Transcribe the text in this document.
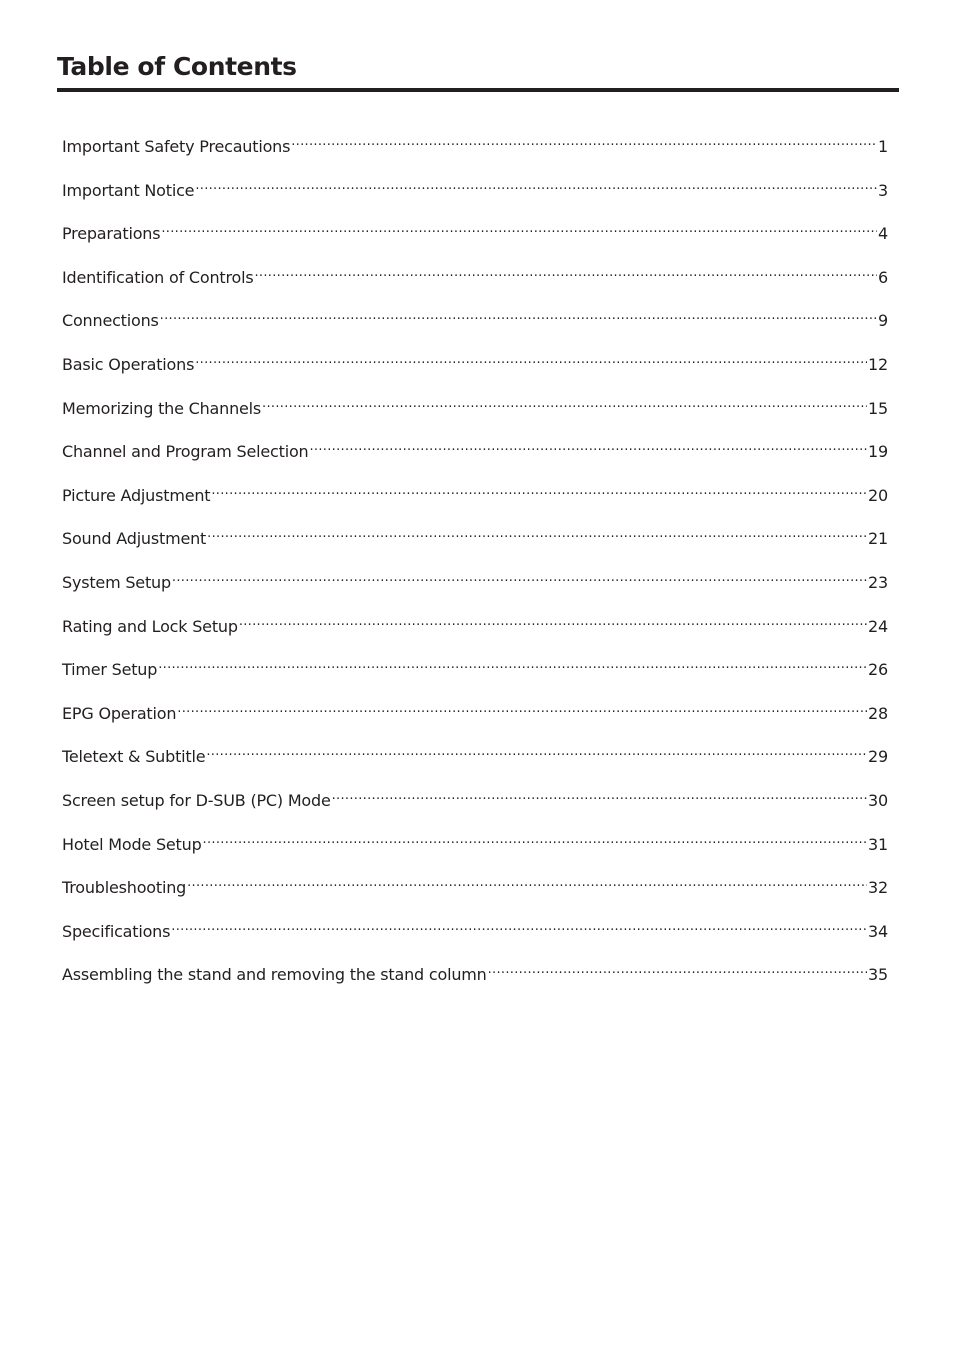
Table of Contents
Important Safety Precautions .....	1
Important Notice .....	3
Preparations .....	4
Identification of Controls .....	6
Connections .....	9
Basic Operations .....	12
Memorizing the Channels .....	15
Channel and Program Selection .....	19
Picture Adjustment .....	20
Sound Adjustment .....	21
System Setup .....	23
Rating and Lock Setup .....	24
Timer Setup .....	26
EPG Operation .....	28
Teletext & Subtitle .....	29
Screen setup for D-SUB (PC) Mode .....	30
Hotel Mode Setup .....	31
Troubleshooting .....	32
Specifications .....	34
Assembling the stand and removing the stand column .....	35
